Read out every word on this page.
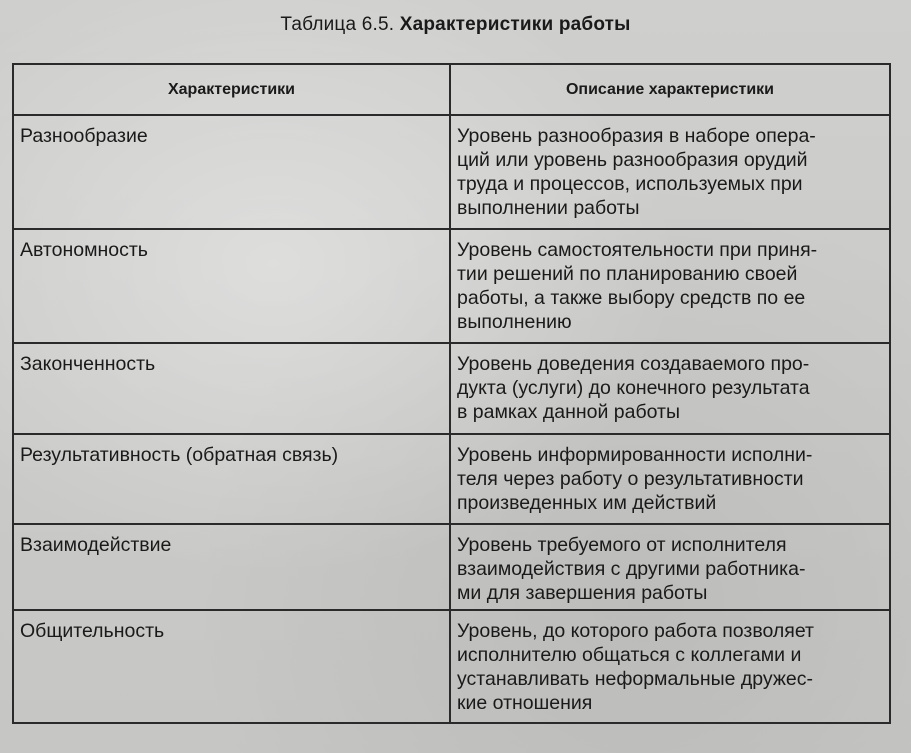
Таблица 6.5. Характеристики работы
Характеристики	Описание характеристики
Разнообразие	Уровень разнообразия в наборе опера-
ций или уровень разнообразия орудий
труда и процессов, используемых при
выполнении работы

Автономность	Уровень самостоятельности при приня-
тии решений по планированию своей
работы, а также выбору средств по ее
выполнению

Законченность	Уровень доведения создаваемого про-
дукта (услуги) до конечного результата
в рамках данной работы

Результативность (обратная связь)	Уровень информированности исполни-
теля через работу о результативности
произведенных им действий

Взаимодействие	Уровень требуемого от исполнителя
взаимодействия с другими работника-
ми для завершения работы

Общительность	Уровень, до которого работа позволяет
исполнителю общаться с коллегами и
устанавливать неформальные дружес-
кие отношения
